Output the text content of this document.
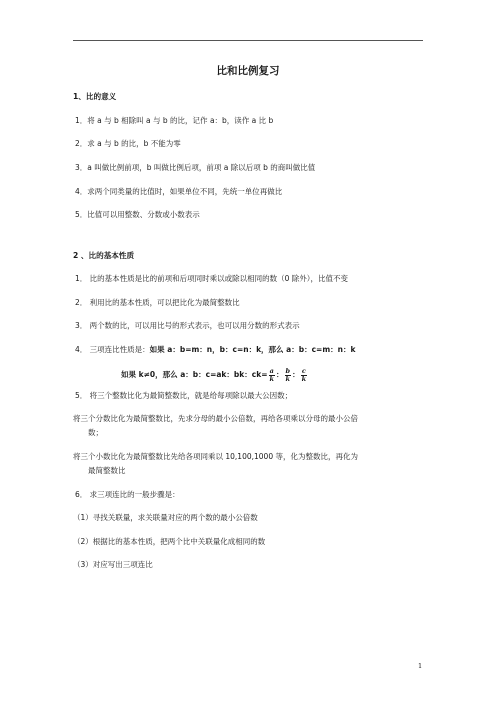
比和比例复习
1、比的意义
1．将 a 与 b 相除叫 a 与 b 的比，记作 a：b，读作 a 比 b
2．求 a 与 b 的比，b 不能为零
3．a 叫做比例前项，b 叫做比例后项，前项 a 除以后项 b 的商叫做比值
4．求两个同类量的比值时，如果单位不同，先统一单位再做比
5．比值可以用整数、分数或小数表示
2 、比的基本性质
1． 比的基本性质是比的前项和后项同时乘以或除以相同的数（0 除外），比值不变
2． 利用比的基本性质，可以把比化为最简整数比
3． 两个数的比，可以用比号的形式表示，也可以用分数的形式表示
4． 三项连比性质是：如果 a：b=m：n，b：c=n：k，那么 a：b：c=m：n：k
如果 k≠0，那么 a：b：c=ak：bk：$ck= \frac{a}{k}$ ： $\frac{b}{k}$ ： $\frac{c}{k}$
5． 将三个整数比化为最简整数比，就是给每项除以最大公因数；
将三个分数比化为最简整数比，先求分母的最小公倍数，再给各项乘以分母的最小公倍
数；
将三个小数比化为最简整数比先给各项同乘以 10,100,1000 等，化为整数比，再化为
最简整数比
6． 求三项连比的一般步骤是：
（1）寻找关联量，求关联量对应的两个数的最小公倍数
（2）根据比的基本性质，把两个比中关联量化成相同的数
（3）对应写出三项连比
1
